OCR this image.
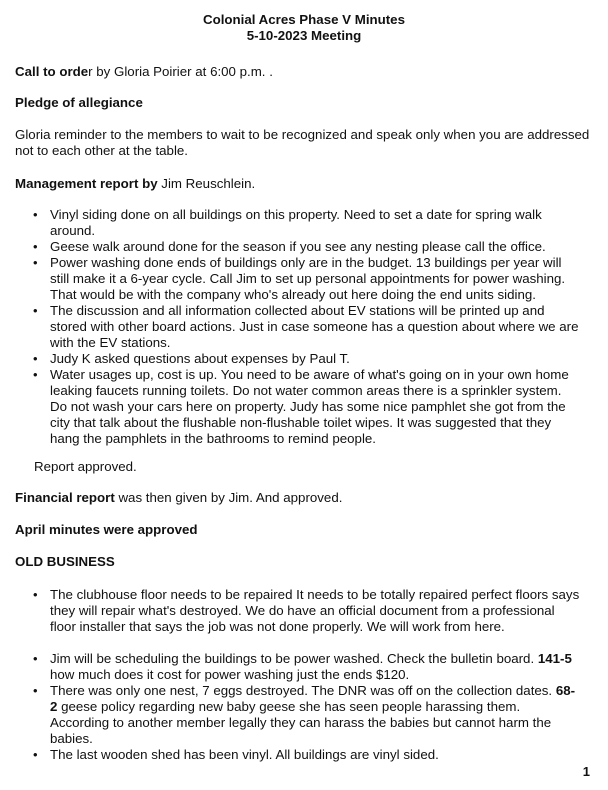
Colonial Acres Phase V Minutes
5-10-2023 Meeting
Call to order by Gloria Poirier at 6:00 p.m. .
Pledge of allegiance
Gloria reminder to the members to wait to be recognized and speak only when you are addressed not to each other at the table.
Management report by Jim Reuschlein.
• Vinyl siding done on all buildings on this property. Need to set a date for spring walk around.
• Geese walk around done for the season if you see any nesting please call the office.
• Power washing done ends of buildings only are in the budget. 13 buildings per year will still make it a 6-year cycle. Call Jim to set up personal appointments for power washing. That would be with the company who's already out here doing the end units siding.
• The discussion and all information collected about EV stations will be printed up and stored with other board actions. Just in case someone has a question about where we are with the EV stations.
• Judy K asked questions about expenses by Paul T.
• Water usages up, cost is up. You need to be aware of what's going on in your own home leaking faucets running toilets. Do not water common areas there is a sprinkler system. Do not wash your cars here on property. Judy has some nice pamphlet she got from the city that talk about the flushable non-flushable toilet wipes. It was suggested that they hang the pamphlets in the bathrooms to remind people.
Report approved.
Financial report was then given by Jim. And approved.
April minutes were approved
OLD BUSINESS
• The clubhouse floor needs to be repaired It needs to be totally repaired perfect floors says they will repair what's destroyed. We do have an official document from a professional floor installer that says the job was not done properly. We will work from here.
• Jim will be scheduling the buildings to be power washed. Check the bulletin board. 141-5 how much does it cost for power washing just the ends $120.
• There was only one nest, 7 eggs destroyed. The DNR was off on the collection dates. 68-2 geese policy regarding new baby geese she has seen people harassing them. According to another member legally they can harass the babies but cannot harm the babies.
• The last wooden shed has been vinyl. All buildings are vinyl sided.
1
